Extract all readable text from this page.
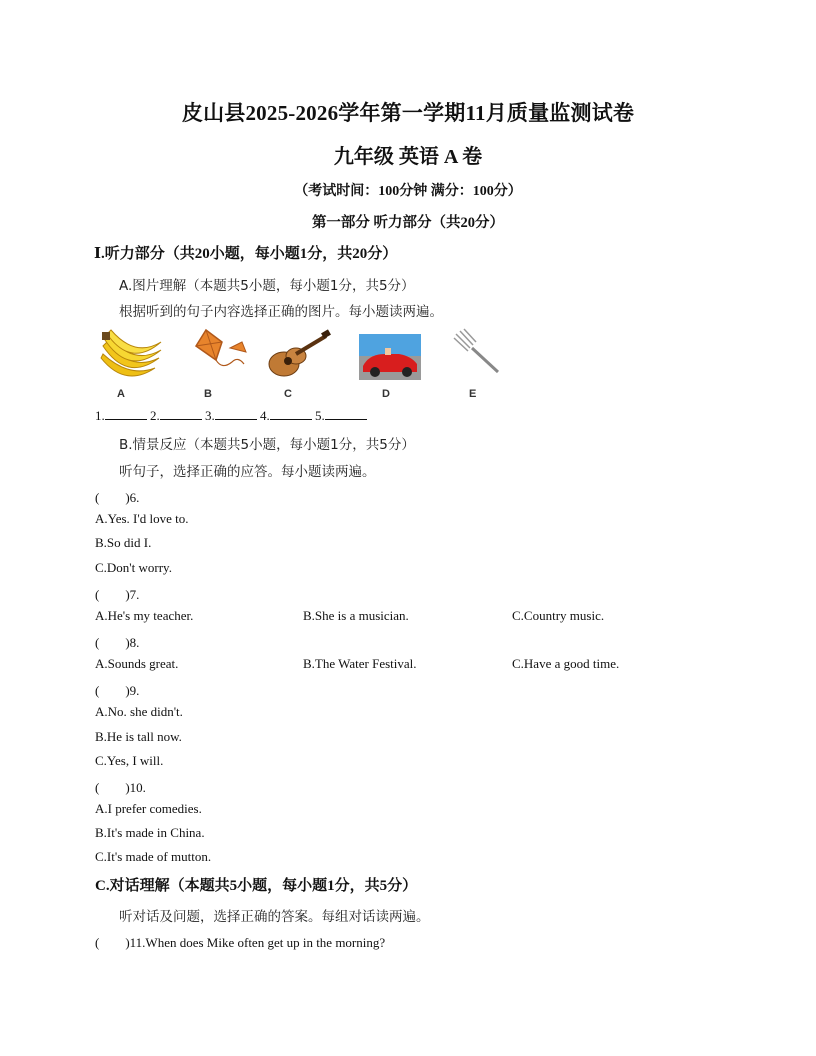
皮山县2025-2026学年第一学期11月质量监测试卷
九年级 英语 A 卷
（考试时间：100分钟 满分：100分）
第一部分 听力部分（共20分）
Ⅰ.听力部分（共20小题，每小题1分，共20分）
A.图片理解（本题共5小题，每小题1分，共5分）
根据听到的句子内容选择正确的图片。每小题读两遍。
A	B	C	D	E
1.	2.	3.	4.	5.
B.情景反应（本题共5小题，每小题1分，共5分）
听句子，选择正确的应答。每小题读两遍。
(　　)6.
A.Yes. I'd love to.
B.So did I.
C.Don't worry.
(　　)7.
A.He's my teacher.	B.She is a musician.	C.Country music.
(　　)8.
A.Sounds great.	B.The Water Festival.	C.Have a good time.
(　　)9.
A.No. she didn't.
B.He is tall now.
C.Yes, I will.
(　　)10.
A.I prefer comedies.
B.It's made in China.
C.It's made of mutton.
C.对话理解（本题共5小题，每小题1分，共5分）
听对话及问题，选择正确的答案。每组对话读两遍。
(　　)11.When does Mike often get up in the morning?
